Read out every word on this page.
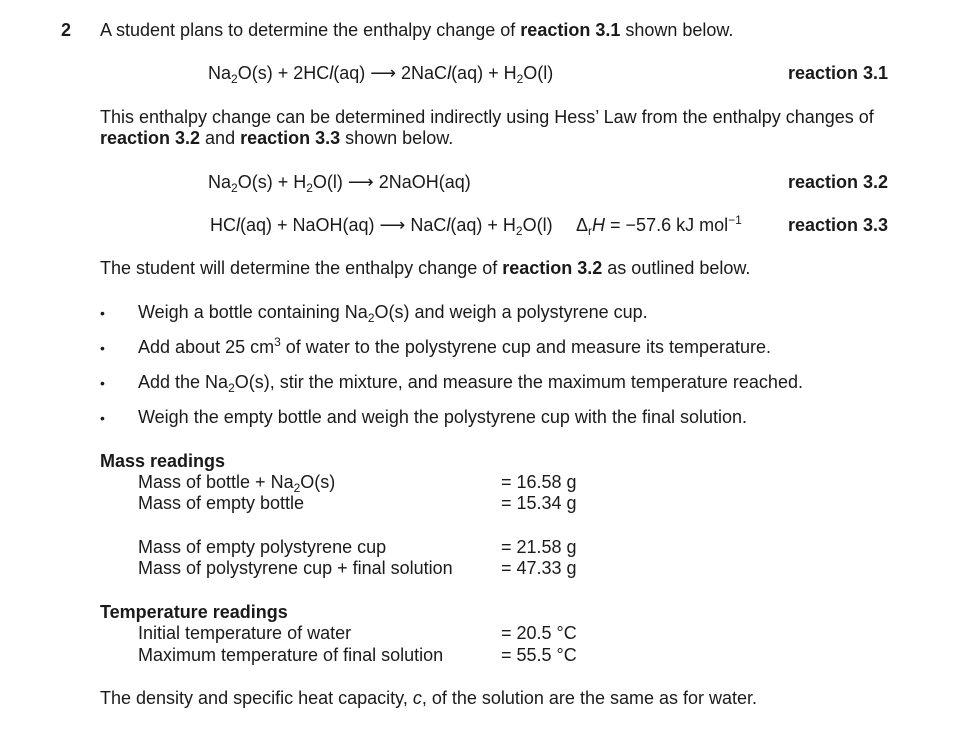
2 A student plans to determine the enthalpy change of reaction 3.1 shown below.
$Na_2O(s) + 2HCl(aq)$ ⟶ 2NaCl(aq) + $H_2O(l)$	reaction 3.1
This enthalpy change can be determined indirectly using Hess’ Law from the enthalpy changes of
reaction 3.2 and reaction 3.3 shown below.
$Na_2O(s) + H_2O(l)$ ⟶ 2NaOH(aq)	reaction 3.2
HCl(aq) + NaOH(aq) ⟶ NaCl(aq) + $H_2O(l) \Delta_rH = -57.6$ kJ mol$^{-1}$	reaction 3.3
The student will determine the enthalpy change of reaction 3.2 as outlined below.
• Weigh a bottle containing $Na_2O(s)$ and weigh a polystyrene cup.
• Add about 25 $cm^3$ of water to the polystyrene cup and measure its temperature.
• Add the $Na_2O(s)$, stir the mixture, and measure the maximum temperature reached.
• Weigh the empty bottle and weigh the polystyrene cup with the final solution.
Mass readings
Mass of bottle + $Na_2O(s)$	= 16.58 g
Mass of empty bottle	= 15.34 g
Mass of empty polystyrene cup	= 21.58 g
Mass of polystyrene cup + final solution	= 47.33 g
Temperature readings
Initial temperature of water	= 20.5 °C
Maximum temperature of final solution	= 55.5 °C
The density and specific heat capacity, c, of the solution are the same as for water.
